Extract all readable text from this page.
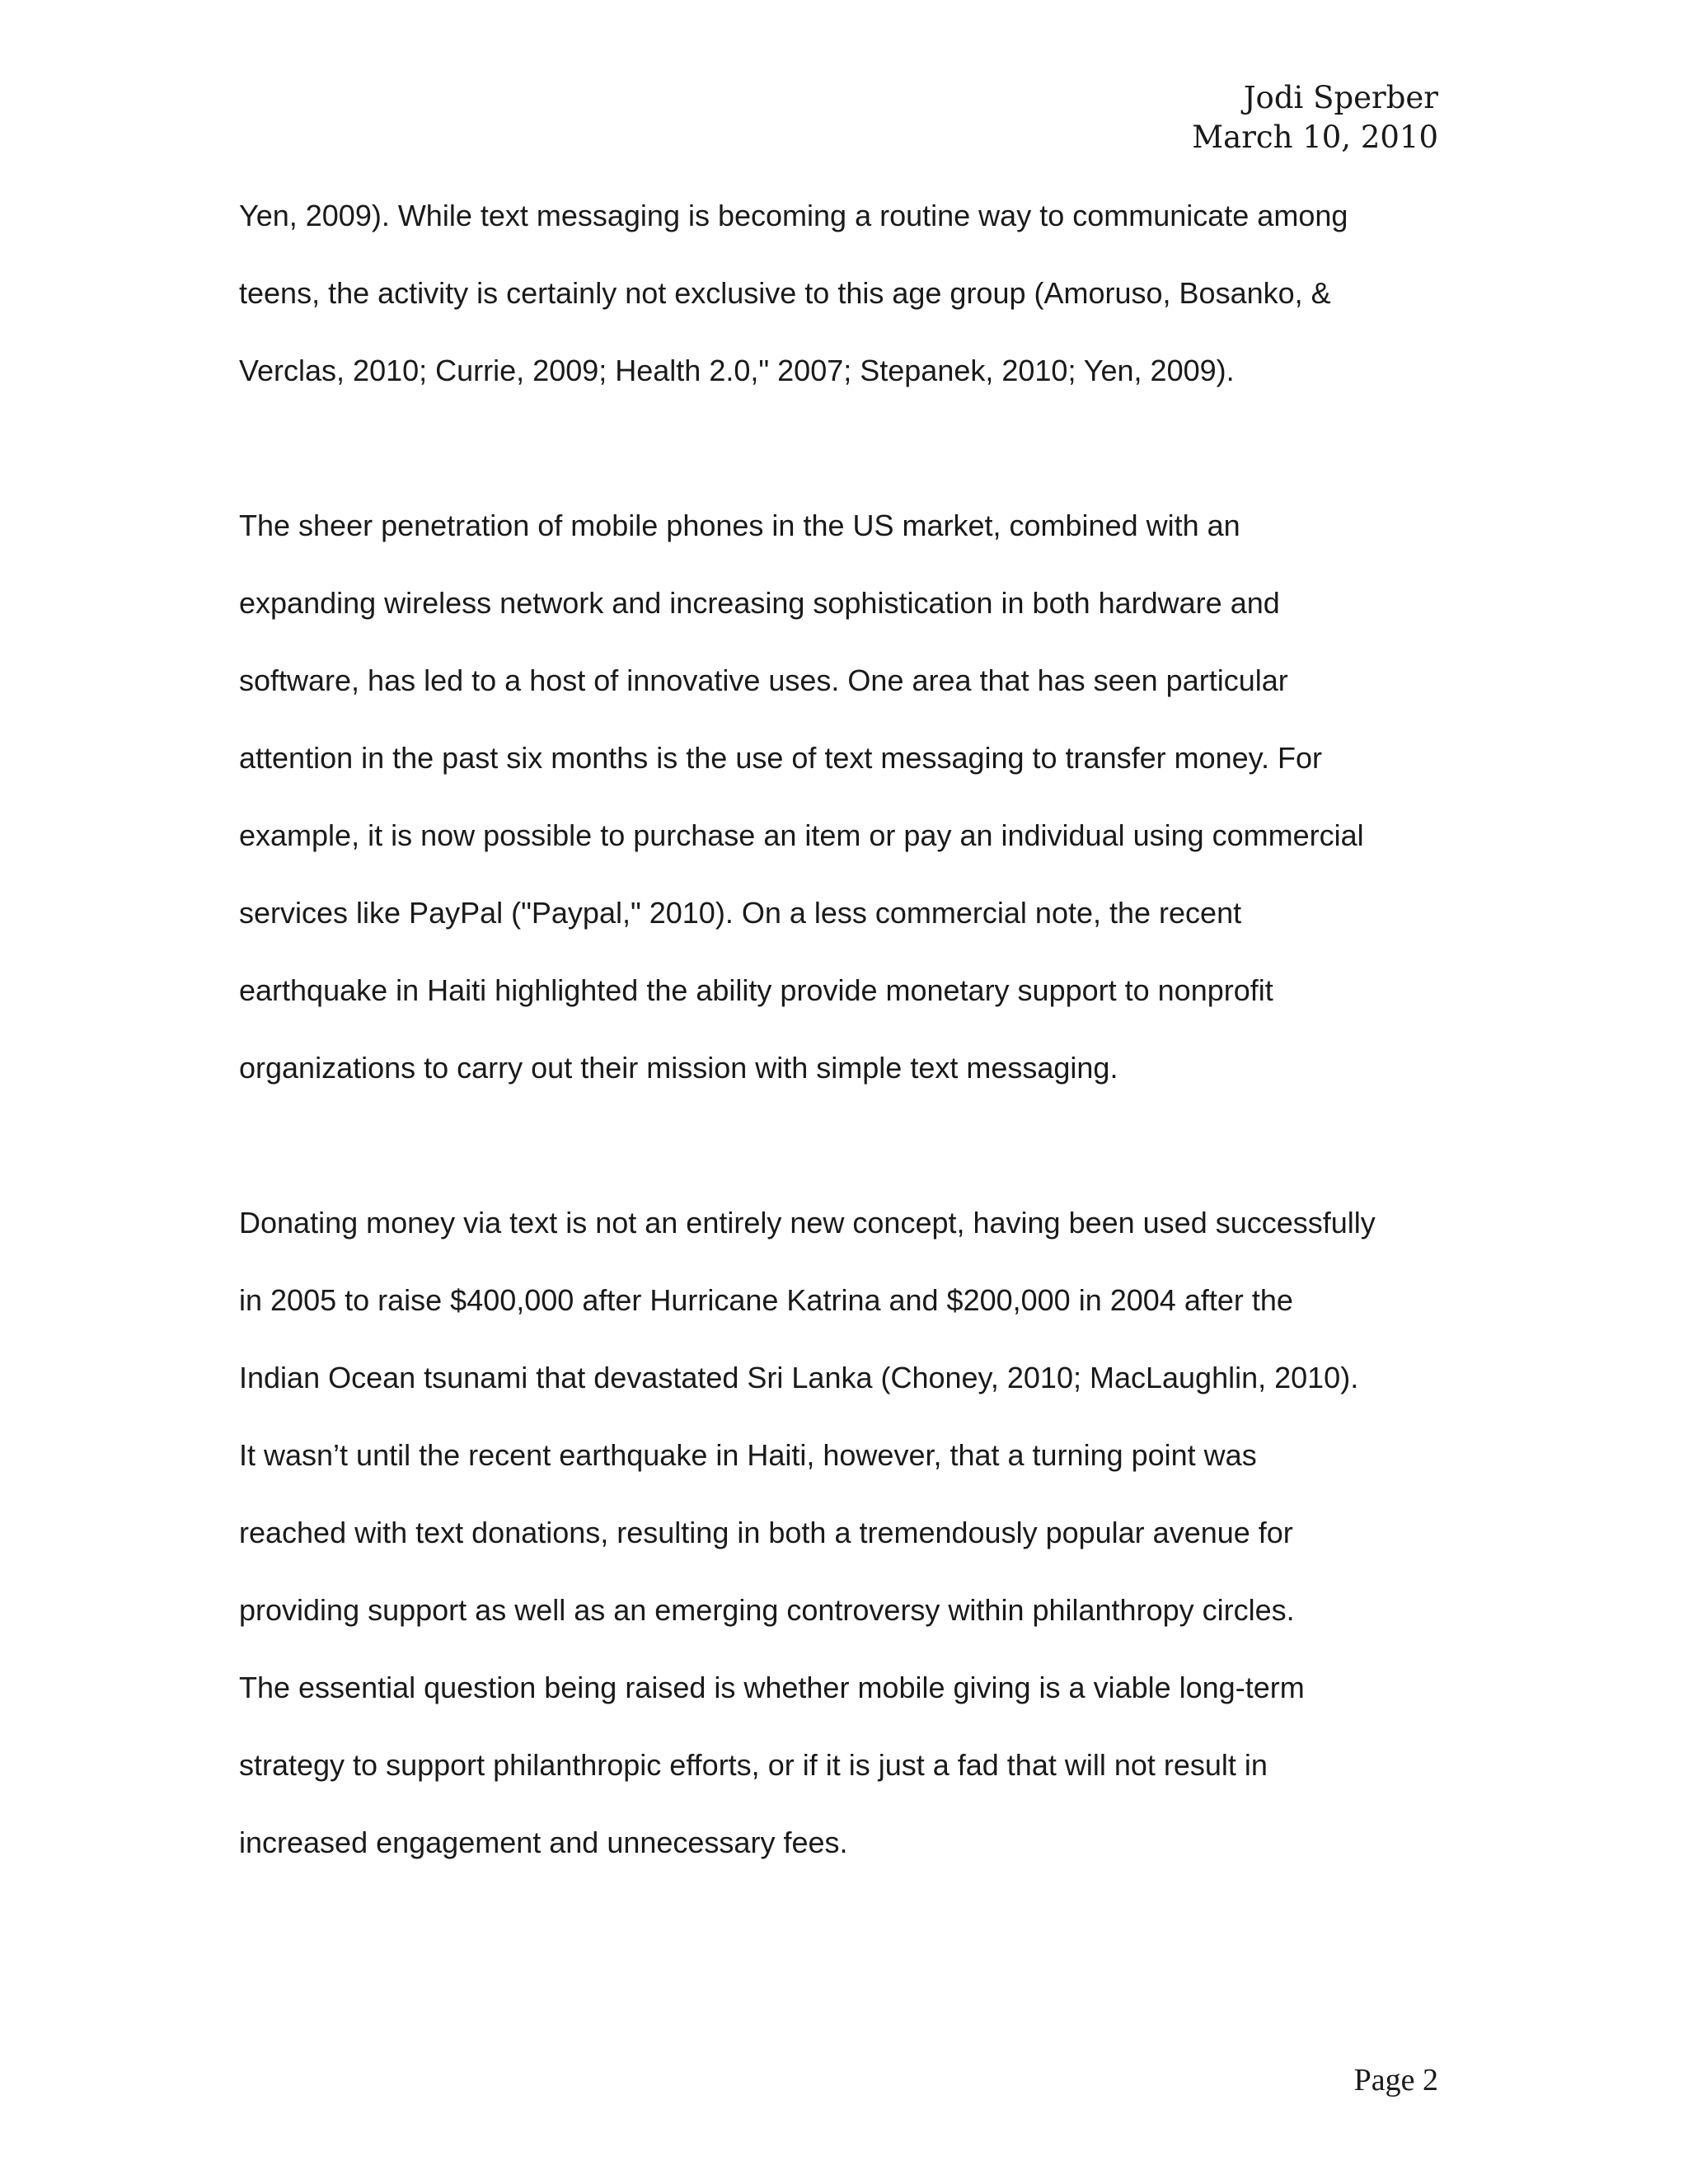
Jodi Sperber
March 10, 2010
Yen, 2009). While text messaging is becoming a routine way to communicate among
teens, the activity is certainly not exclusive to this age group (Amoruso, Bosanko, &
Verclas, 2010; Currie, 2009; Health 2.0," 2007; Stepanek, 2010; Yen, 2009).
The sheer penetration of mobile phones in the US market, combined with an
expanding wireless network and increasing sophistication in both hardware and
software, has led to a host of innovative uses. One area that has seen particular
attention in the past six months is the use of text messaging to transfer money. For
example, it is now possible to purchase an item or pay an individual using commercial
services like PayPal ("Paypal," 2010). On a less commercial note, the recent
earthquake in Haiti highlighted the ability provide monetary support to nonprofit
organizations to carry out their mission with simple text messaging.
Donating money via text is not an entirely new concept, having been used successfully
in 2005 to raise $400,000 after Hurricane Katrina and $200,000 in 2004 after the
Indian Ocean tsunami that devastated Sri Lanka (Choney, 2010; MacLaughlin, 2010).
It wasn’t until the recent earthquake in Haiti, however, that a turning point was
reached with text donations, resulting in both a tremendously popular avenue for
providing support as well as an emerging controversy within philanthropy circles.
The essential question being raised is whether mobile giving is a viable long-term
strategy to support philanthropic efforts, or if it is just a fad that will not result in
increased engagement and unnecessary fees.
Page 2
